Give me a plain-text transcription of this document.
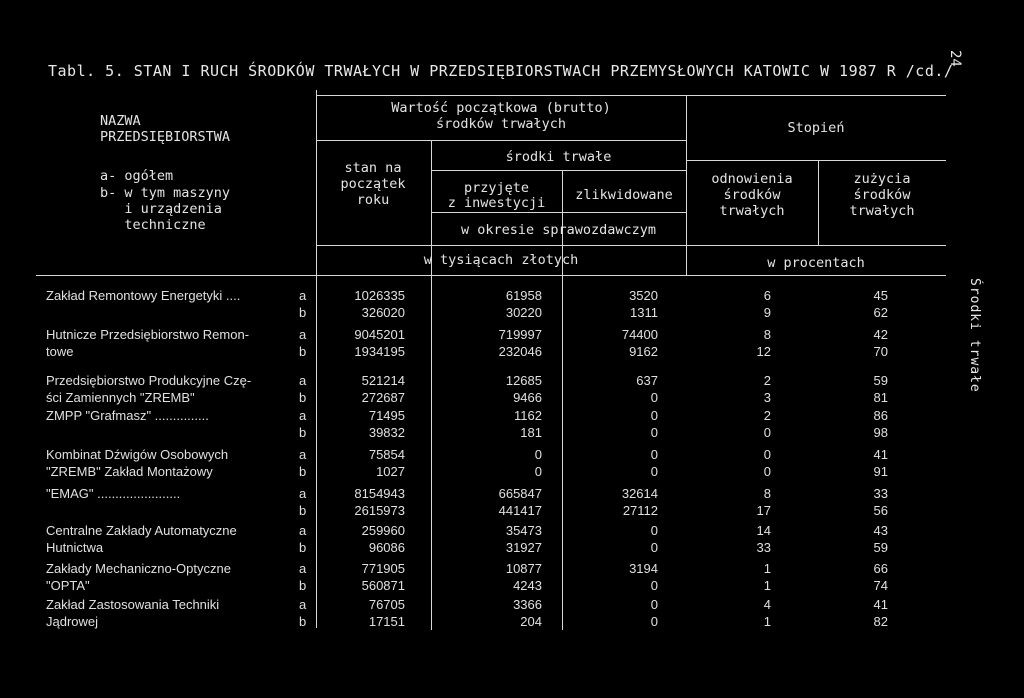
Tabl. 5. STAN I RUCH ŚRODKÓW TRWAŁYCH W PRZEDSIĘBIORSTWACH PRZEMYSŁOWYCH KATOWIC W 1987 R /cd./
24
Środki trwałe
NAZWA
PRZEDSIĘBIORSTWA
a- ogółem
b- w tym maszyny
i urządzenia
techniczne
Wartość początkowa (brutto)
środków trwałych
stan na
początek
roku
środki trwałe
przyjęte
z inwestycji	zlikwidowane
w okresie sprawozdawczym
Stopień
odnowienia
środków
trwałych
zużycia
środków
trwałych
w tysiącach złotych	w procentach
Zakład Remontowy Energetyki ....	a	1026335	61958	3520	6	45
b	326020	30220	1311	9	62
Hutnicze Przedsiębiorstwo Remon-	a	9045201	719997	74400	8	42
towe	b	1934195	232046	9162	12	70
Przedsiębiorstwo Produkcyjne Czę-	a	521214	12685	637	2	59
ści Zamiennych "ZREMB"	b	272687	9466	0	3	81
ZMPP "Grafmasz" ...............	a	71495	1162	0	2	86
b	39832	181	0	0	98
Kombinat Dźwigów Osobowych	a	75854	0	0	0	41
"ZREMB" Zakład Montażowy	b	1027	0	0	0	91
"EMAG" .......................	a	8154943	665847	32614	8	33
b	2615973	441417	27112	17	56
Centralne Zakłady Automatyczne	a	259960	35473	0	14	43
Hutnictwa	b	96086	31927	0	33	59
Zakłady Mechaniczno-Optyczne	a	771905	10877	3194	1	66
"OPTA"	b	560871	4243	0	1	74
Zakład Zastosowania Techniki	a	76705	3366	0	4	41
Jądrowej	b	17151	204	0	1	82
